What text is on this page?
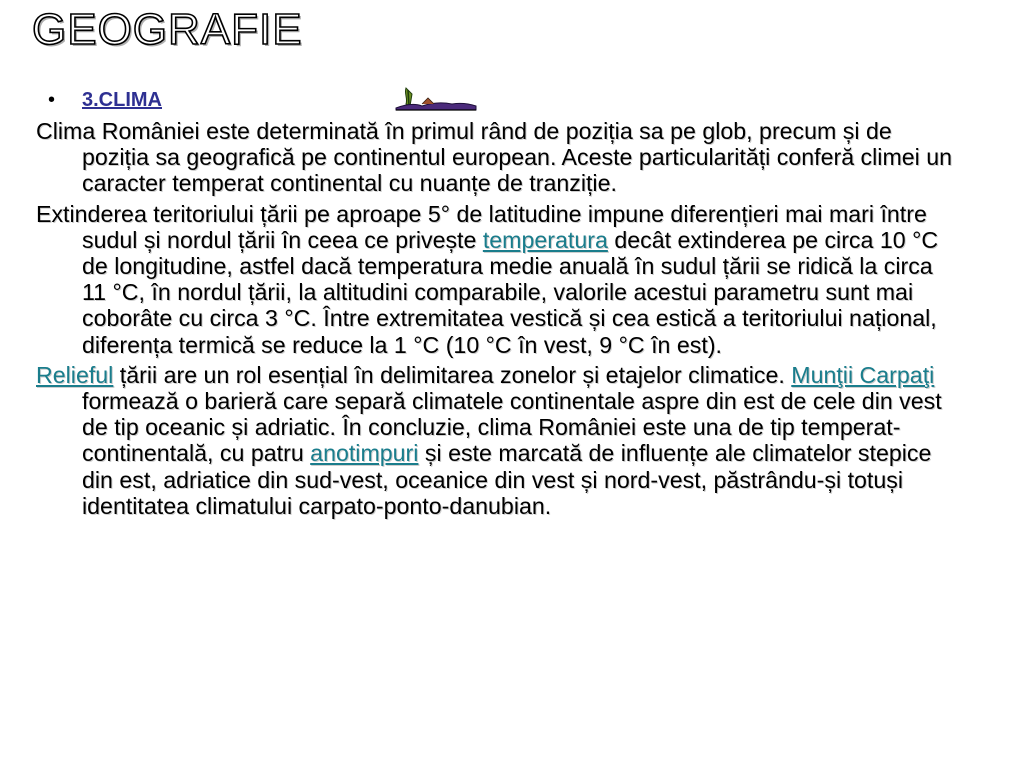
GEOGRAFIE
• 3.CLIMA

Clima României este determinată în primul rând de poziția sa pe glob, precum și de poziția sa geografică pe continentul european. Aceste particularități conferă climei un caracter temperat continental cu nuanțe de tranziție.

Extinderea teritoriului țării pe aproape 5° de latitudine impune diferențieri mai mari între sudul și nordul țării în ceea ce privește temperatura decât extinderea pe circa 10 °C de longitudine, astfel dacă temperatura medie anuală în sudul țării se ridică la circa 11 °C, în nordul țării, la altitudini comparabile, valorile acestui parametru sunt mai coborâte cu circa 3 °C. Între extremitatea vestică și cea estică a teritoriului național, diferența termică se reduce la 1 °C (10 °C în vest, 9 °C în est).

Relieful țării are un rol esențial în delimitarea zonelor și etajelor climatice. Munţii Carpaţi formează o barieră care separă climatele continentale aspre din est de cele din vest de tip oceanic și adriatic. În concluzie, clima României este una de tip temperat-continentală, cu patru anotimpuri și este marcată de influențe ale climatelor stepice din est, adriatice din sud-vest, oceanice din vest și nord-vest, păstrându-și totuși identitatea climatului carpato-ponto-danubian.
